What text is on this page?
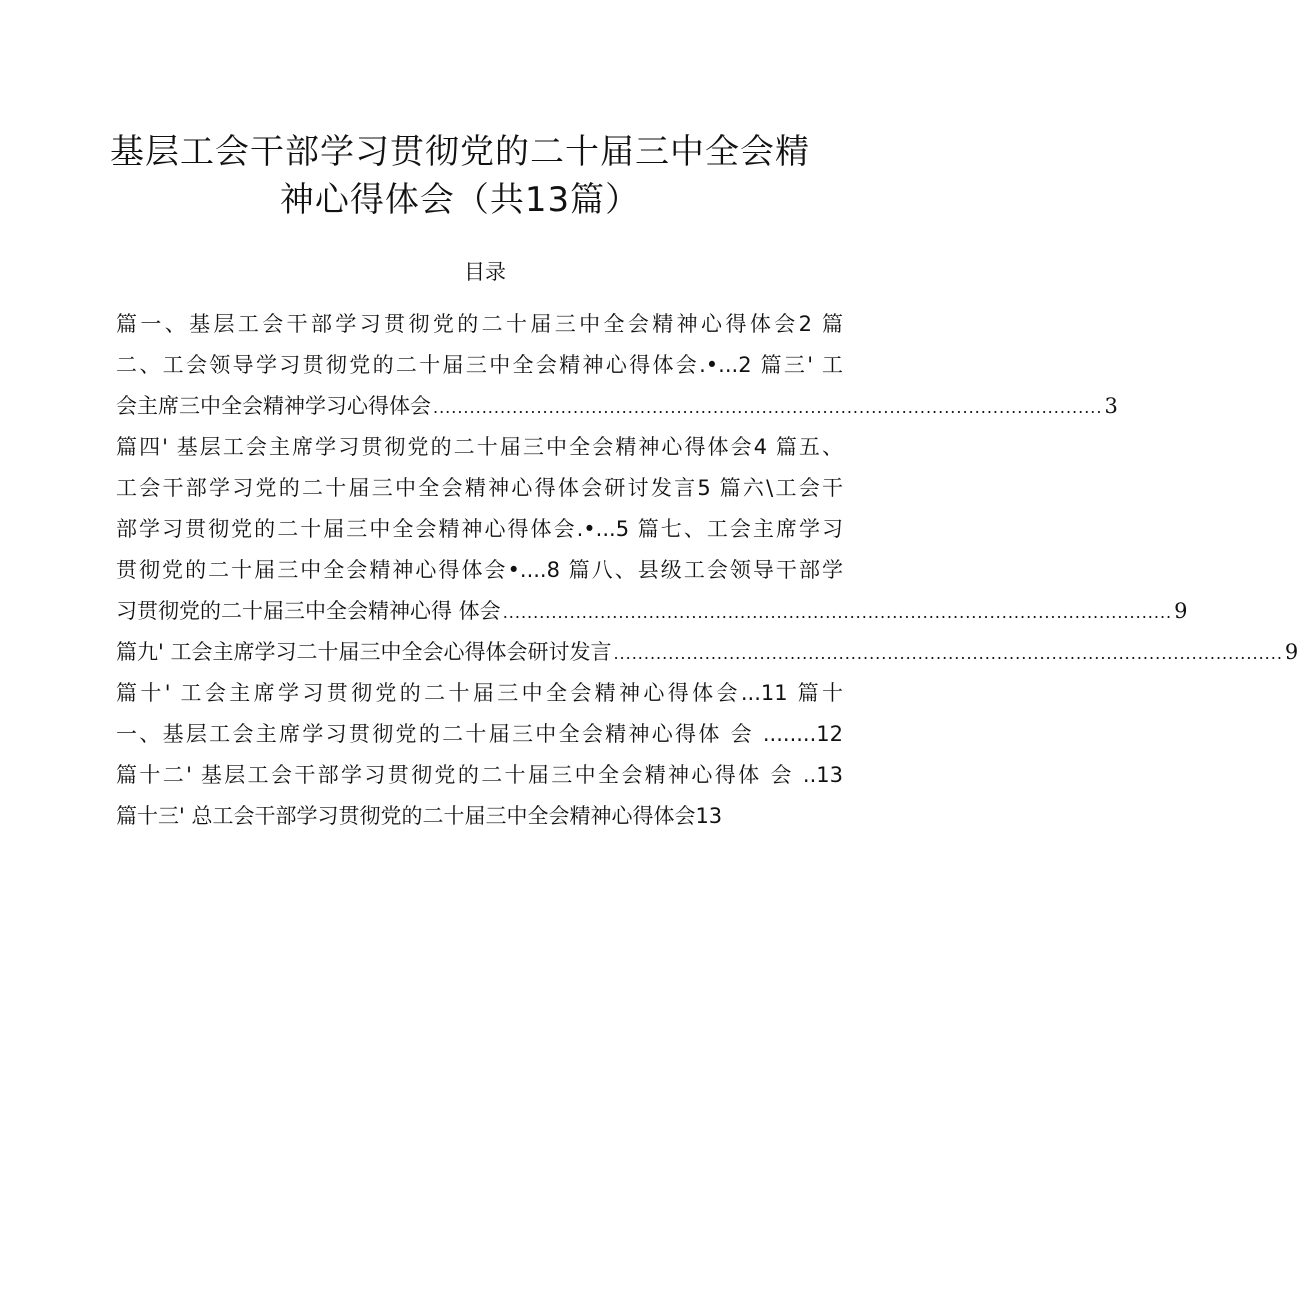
基层工会干部学习贯彻党的二十届三中全会精
神心得体会（共13篇）
目录
篇一、基层工会干部学习贯彻党的二十届三中全会精神心得体会2 篇
二、工会领导学习贯彻党的二十届三中全会精神心得体会.•...2 篇三' 工
会主席三中全会精神学习心得体会 .............................................................................................................. 3
篇四' 基层工会主席学习贯彻党的二十届三中全会精神心得体会4 篇五、
工会干部学习党的二十届三中全会精神心得体会研讨发言5 篇六\工会干
部学习贯彻党的二十届三中全会精神心得体会.•...5 篇七、工会主席学习
贯彻党的二十届三中全会精神心得体会•....8 篇八、县级工会领导干部学
习贯彻党的二十届三中全会精神心得 体会 .............................................................................................................. 9
篇九' 工会主席学习二十届三中全会心得体会研讨发言 .............................................................................................................. 9
篇十' 工会主席学习贯彻党的二十届三中全会精神心得体会...11 篇十
一、基层工会主席学习贯彻党的二十届三中全会精神心得体 会 ........12
篇十二' 基层工会干部学习贯彻党的二十届三中全会精神心得体 会 ..13
篇十三' 总工会干部学习贯彻党的二十届三中全会精神心得体会13
